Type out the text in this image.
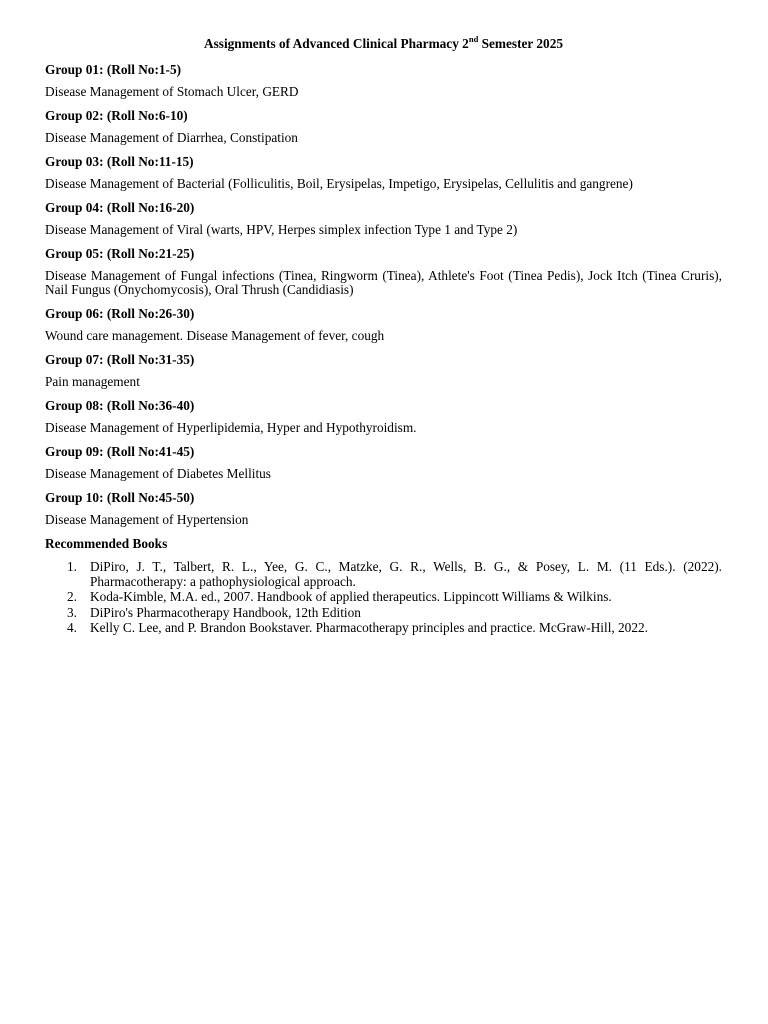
Assignments of Advanced Clinical Pharmacy 2nd Semester 2025
Group 01: (Roll No:1-5)
Disease Management of Stomach Ulcer, GERD
Group 02: (Roll No:6-10)
Disease Management of Diarrhea, Constipation
Group 03: (Roll No:11-15)
Disease Management of Bacterial (Folliculitis, Boil, Erysipelas, Impetigo, Erysipelas, Cellulitis and gangrene)
Group 04: (Roll No:16-20)
Disease Management of Viral (warts, HPV, Herpes simplex infection Type 1 and Type 2)
Group 05: (Roll No:21-25)
Disease Management of Fungal infections (Tinea, Ringworm (Tinea), Athlete's Foot (Tinea Pedis), Jock Itch (Tinea Cruris), Nail Fungus (Onychomycosis), Oral Thrush (Candidiasis)
Group 06: (Roll No:26-30)
Wound care management. Disease Management of fever, cough
Group 07: (Roll No:31-35)
Pain management
Group 08: (Roll No:36-40)
Disease Management of Hyperlipidemia, Hyper and Hypothyroidism.
Group 09: (Roll No:41-45)
Disease Management of Diabetes Mellitus
Group 10: (Roll No:45-50)
Disease Management of Hypertension
Recommended Books
1. DiPiro, J. T., Talbert, R. L., Yee, G. C., Matzke, G. R., Wells, B. G., & Posey, L. M. (11 Eds.). (2022). Pharmacotherapy: a pathophysiological approach.
2. Koda-Kimble, M.A. ed., 2007. Handbook of applied therapeutics. Lippincott Williams & Wilkins.
3. DiPiro's Pharmacotherapy Handbook, 12th Edition
4. Kelly C. Lee, and P. Brandon Bookstaver. Pharmacotherapy principles and practice. McGraw-Hill, 2022.
